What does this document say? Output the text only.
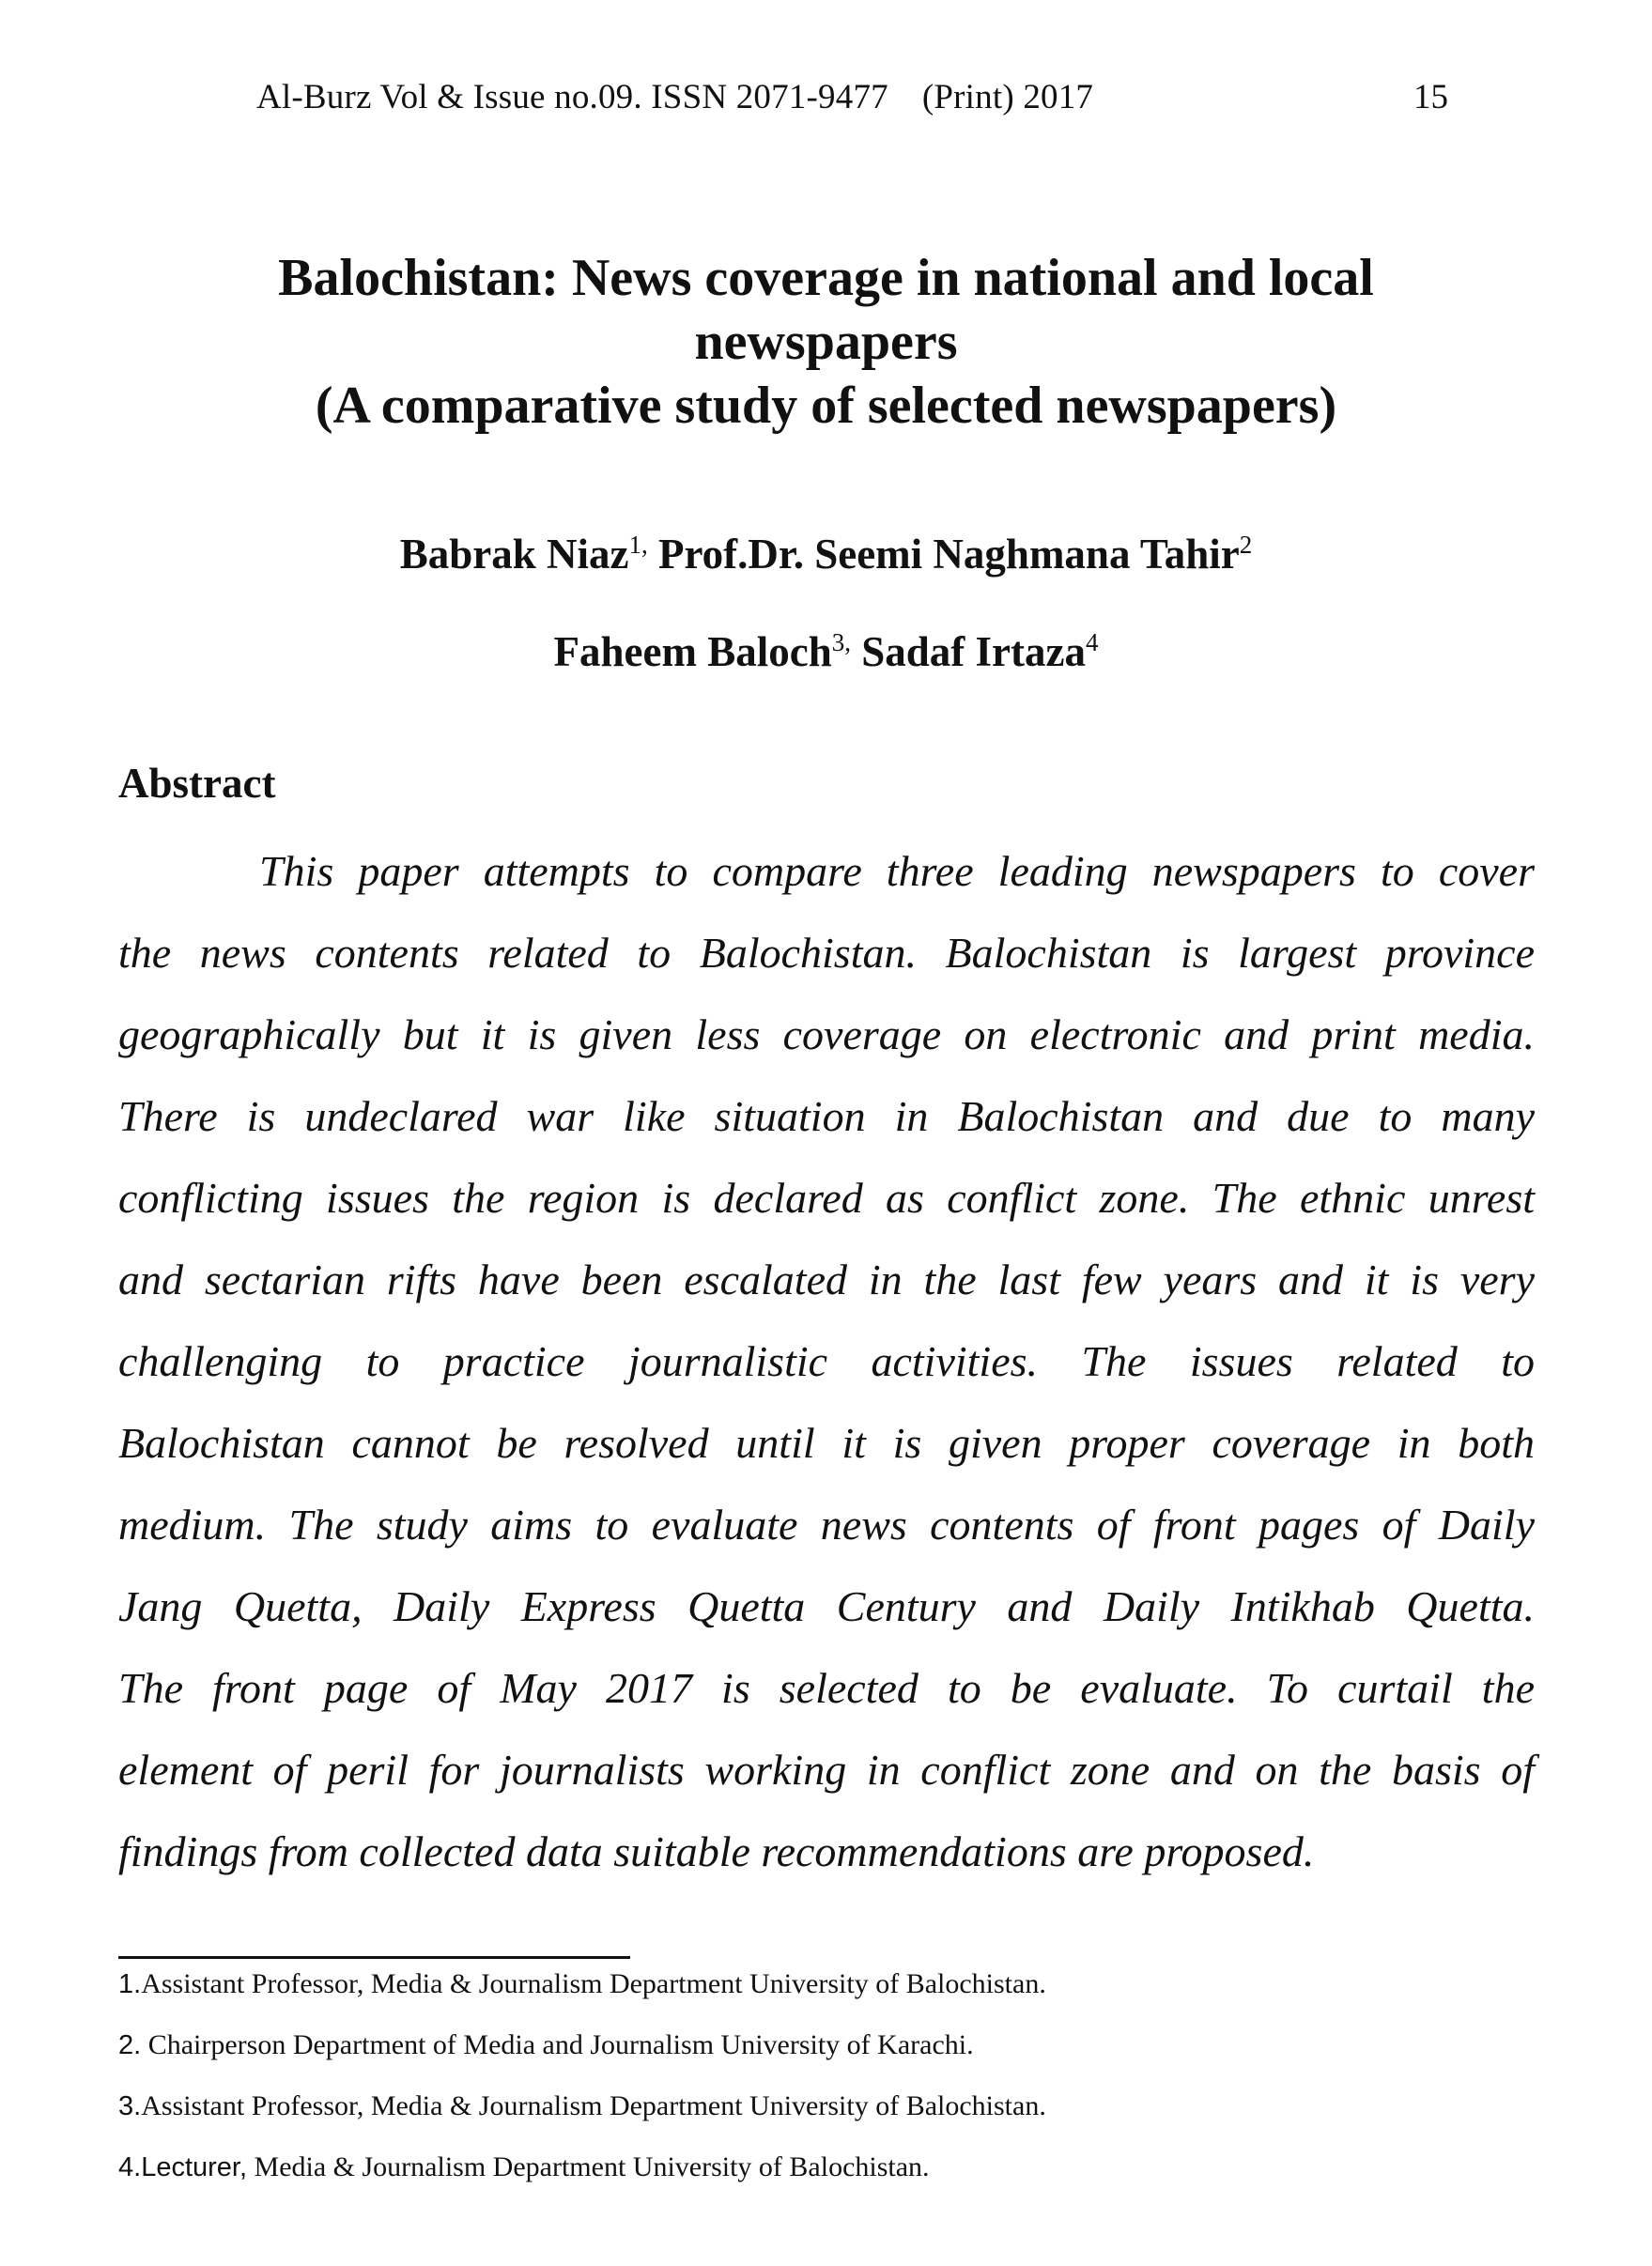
Al-Burz Vol & Issue no.09. ISSN 2071-9477 (Print) 2017	15
Balochistan: News coverage in national and local
newspapers
(A comparative study of selected newspapers)
Babrak Niaz$^{1,}$ Prof.Dr. Seemi Naghmana Tahir$^2$
Faheem Baloch$^{3,}$ Sadaf Irtaza$^4$
Abstract
This paper attempts to compare three leading newspapers to cover
the news contents related to Balochistan. Balochistan is largest province
geographically but it is given less coverage on electronic and print media.
There is undeclared war like situation in Balochistan and due to many
conflicting issues the region is declared as conflict zone. The ethnic unrest
and sectarian rifts have been escalated in the last few years and it is very
challenging to practice journalistic activities. The issues related to
Balochistan cannot be resolved until it is given proper coverage in both
medium. The study aims to evaluate news contents of front pages of Daily
Jang Quetta, Daily Express Quetta Century and Daily Intikhab Quetta.
The front page of May 2017 is selected to be evaluate. To curtail the
element of peril for journalists working in conflict zone and on the basis of
findings from collected data suitable recommendations are proposed.
1.Assistant Professor, Media & Journalism Department University of Balochistan.
2. Chairperson Department of Media and Journalism University of Karachi.
3.Assistant Professor, Media & Journalism Department University of Balochistan.
4.Lecturer, Media & Journalism Department University of Balochistan.
